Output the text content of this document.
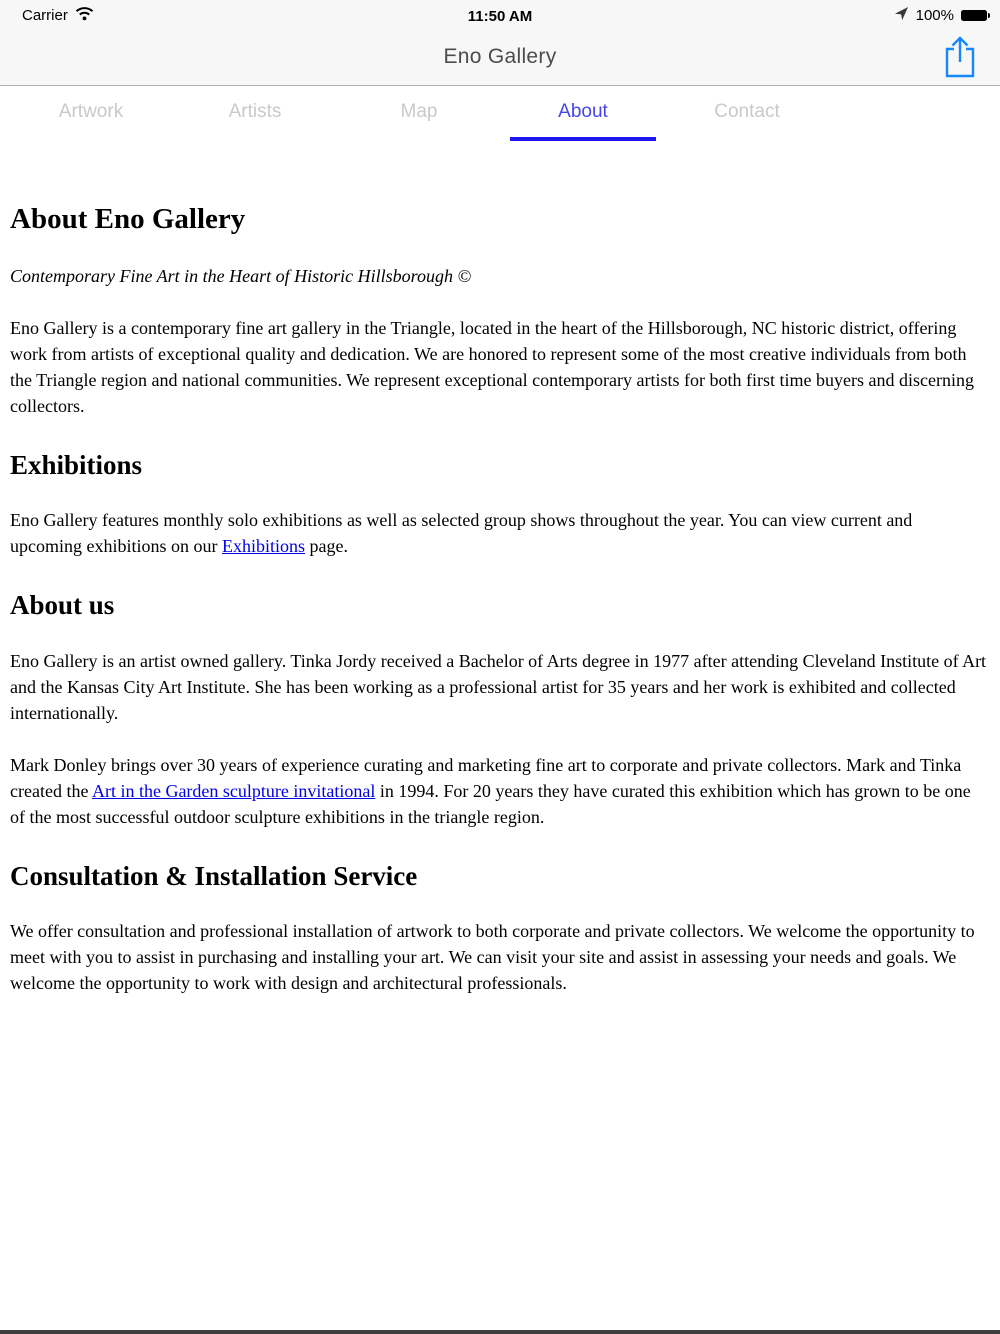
Carrier	11:50 AM	100%
Eno Gallery
Artwork	Artists	Map	About	Contact
About Eno Gallery

Contemporary Fine Art in the Heart of Historic Hillsborough ©

Eno Gallery is a contemporary fine art gallery in the Triangle, located in the heart of the Hillsborough, NC historic district, offering work from artists of exceptional quality and dedication. We are honored to represent some of the most creative individuals from both the Triangle region and national communities. We represent exceptional contemporary artists for both first time buyers and discerning collectors.

Exhibitions

Eno Gallery features monthly solo exhibitions as well as selected group shows throughout the year. You can view current and upcoming exhibitions on our Exhibitions page.

About us

Eno Gallery is an artist owned gallery. Tinka Jordy received a Bachelor of Arts degree in 1977 after attending Cleveland Institute of Art and the Kansas City Art Institute. She has been working as a professional artist for 35 years and her work is exhibited and collected internationally.

Mark Donley brings over 30 years of experience curating and marketing fine art to corporate and private collectors. Mark and Tinka created the Art in the Garden sculpture invitational in 1994. For 20 years they have curated this exhibition which has grown to be one of the most successful outdoor sculpture exhibitions in the triangle region.

Consultation & Installation Service

We offer consultation and professional installation of artwork to both corporate and private collectors. We welcome the opportunity to meet with you to assist in purchasing and installing your art. We can visit your site and assist in assessing your needs and goals. We welcome the opportunity to work with design and architectural professionals.
